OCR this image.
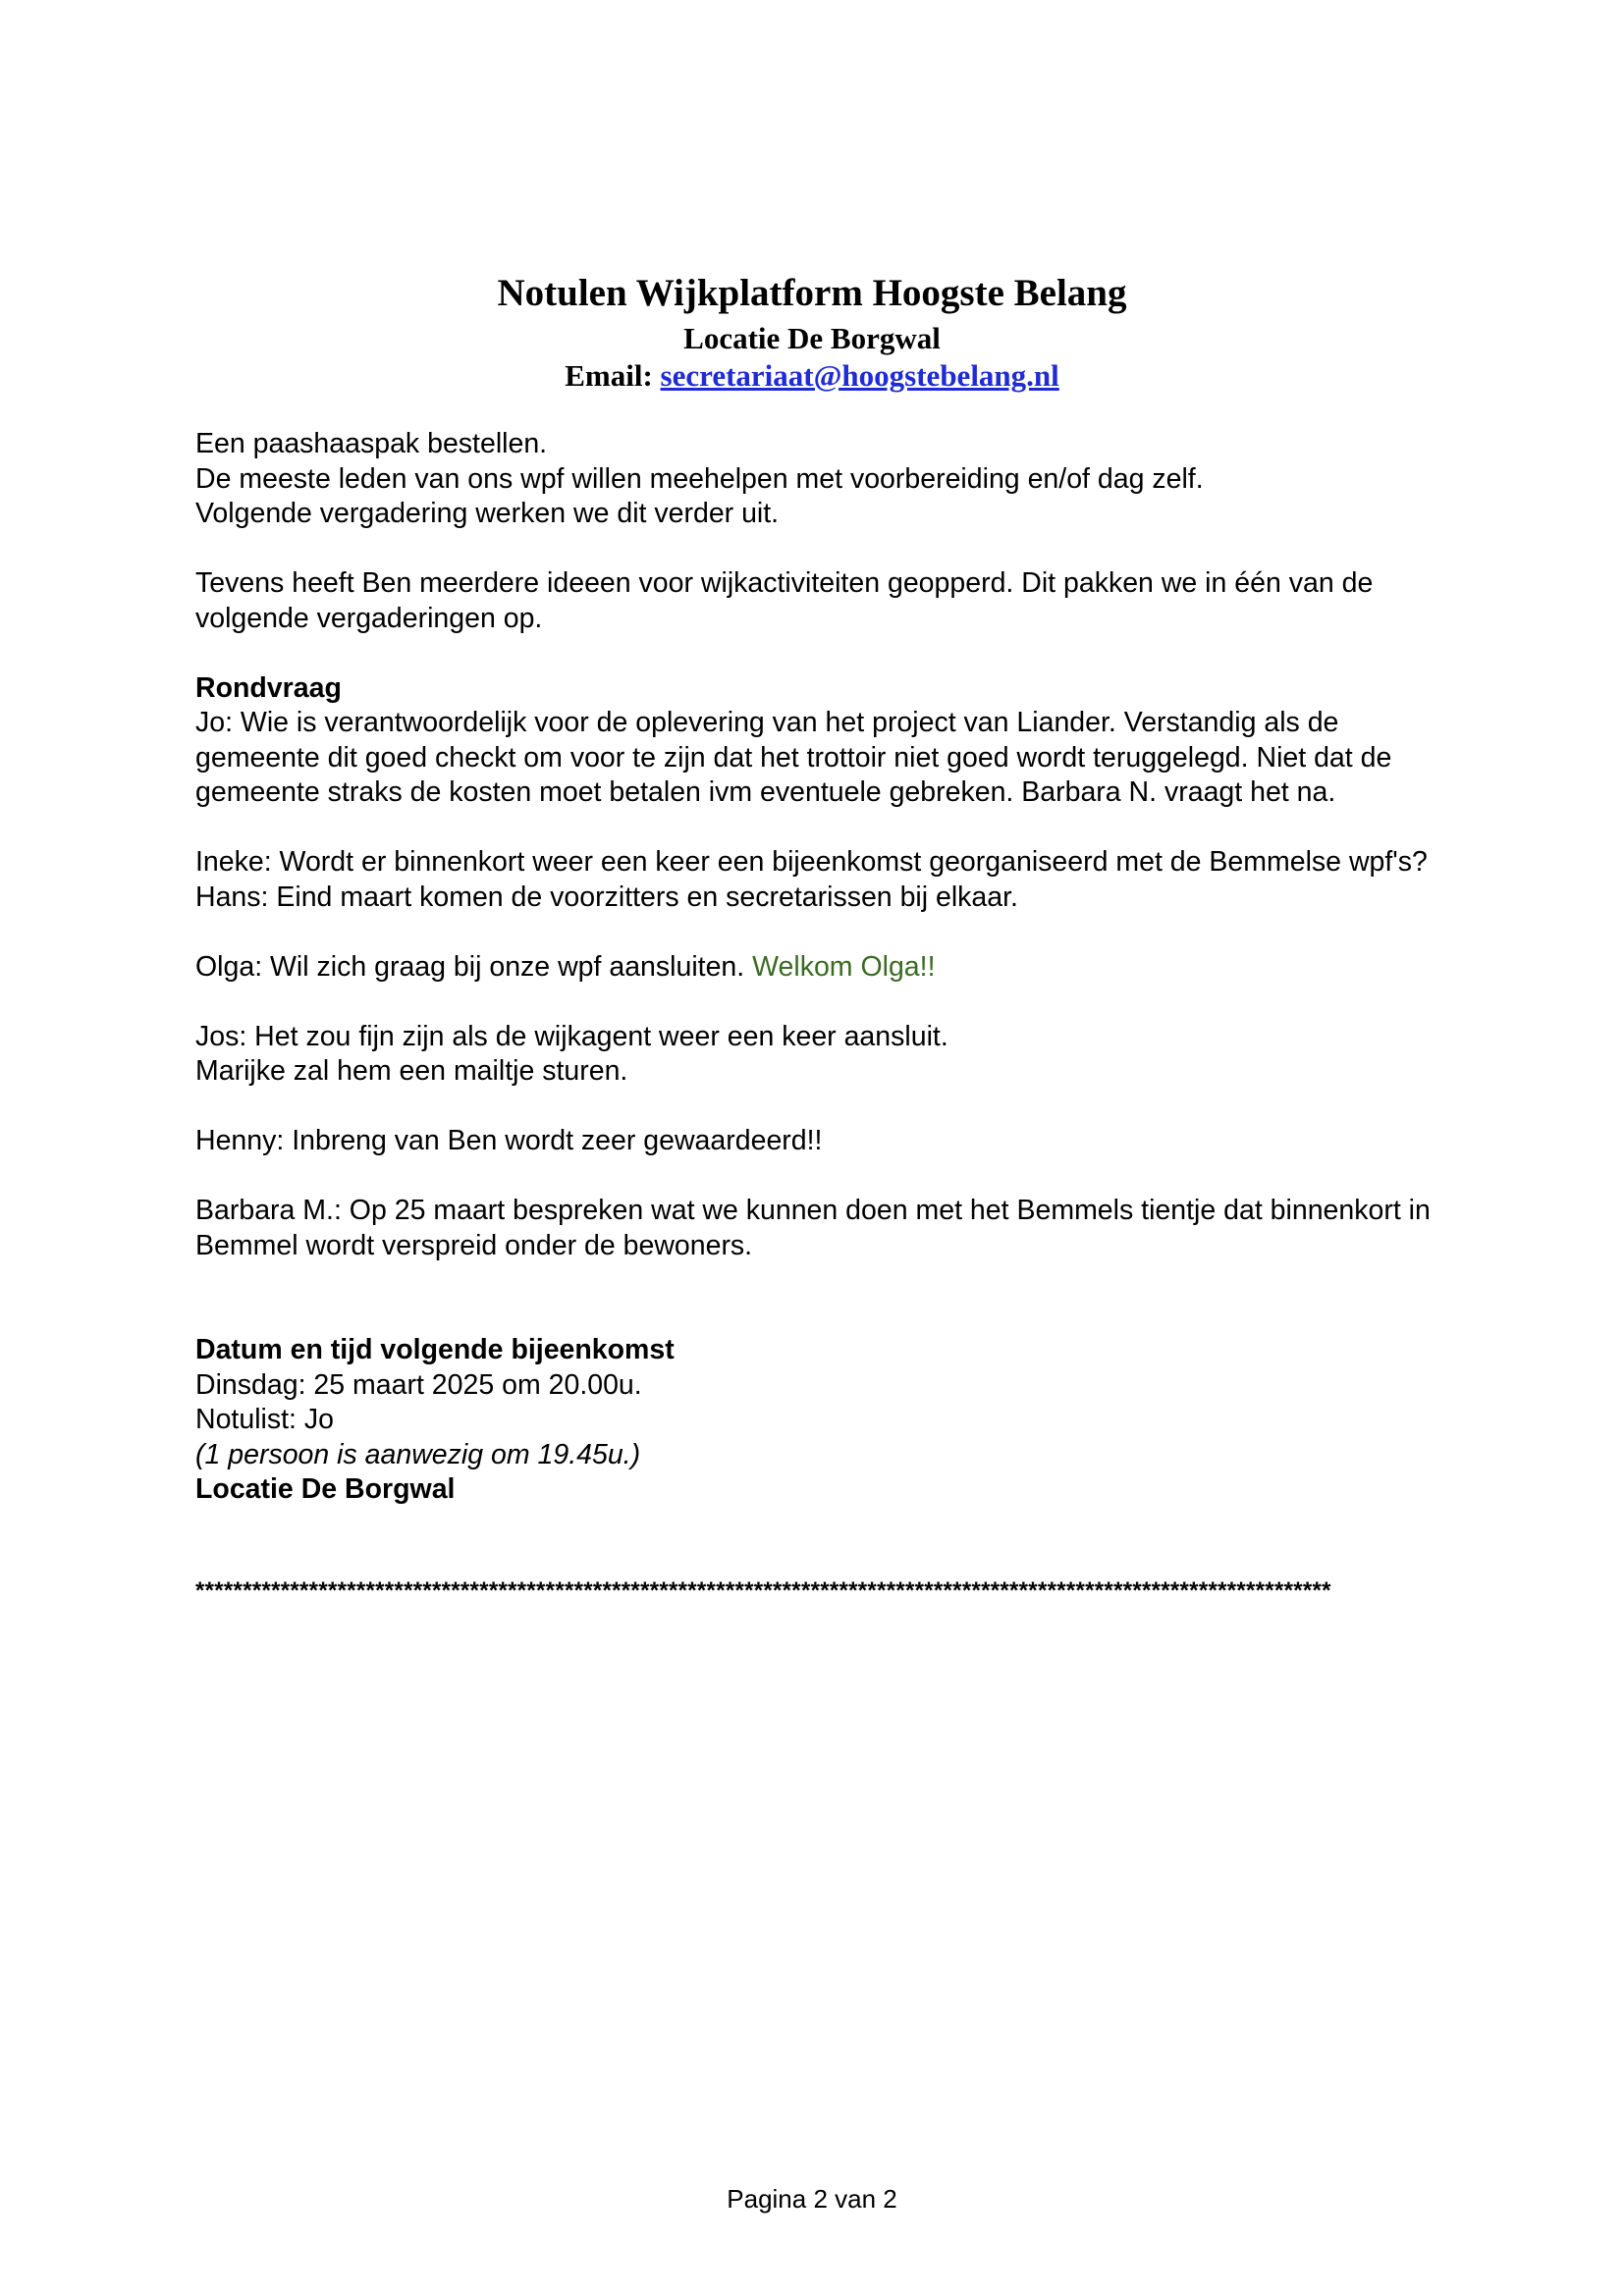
Notulen Wijkplatform Hoogste Belang
Locatie De Borgwal
Email: secretariaat@hoogstebelang.nl

Een paashaaspak bestellen.

De meeste leden van ons wpf willen meehelpen met voorbereiding en/of dag zelf.

Volgende vergadering werken we dit verder uit.

Tevens heeft Ben meerdere ideeen voor wijkactiviteiten geopperd. Dit pakken we in één van de volgende vergaderingen op.

Rondvraag

Jo: Wie is verantwoordelijk voor de oplevering van het project van Liander. Verstandig als de gemeente dit goed checkt om voor te zijn dat het trottoir niet goed wordt teruggelegd. Niet dat de gemeente straks de kosten moet betalen ivm eventuele gebreken. Barbara N. vraagt het na.

Ineke: Wordt er binnenkort weer een keer een bijeenkomst georganiseerd met de Bemmelse wpf's? Hans: Eind maart komen de voorzitters en secretarissen bij elkaar.

Olga: Wil zich graag bij onze wpf aansluiten. Welkom Olga!!

Jos: Het zou fijn zijn als de wijkagent weer een keer aansluit.

Marijke zal hem een mailtje sturen.

Henny: Inbreng van Ben wordt zeer gewaardeerd!!

Barbara M.: Op 25 maart bespreken wat we kunnen doen met het Bemmels tientje dat binnenkort in Bemmel wordt verspreid onder de bewoners.

Datum en tijd volgende bijeenkomst

Dinsdag: 25 maart 2025 om 20.00u.

Notulist: Jo

(1 persoon is aanwezig om 19.45u.)

Locatie De Borgwal

************************************************************************************************************************
Pagina 2 van 2
